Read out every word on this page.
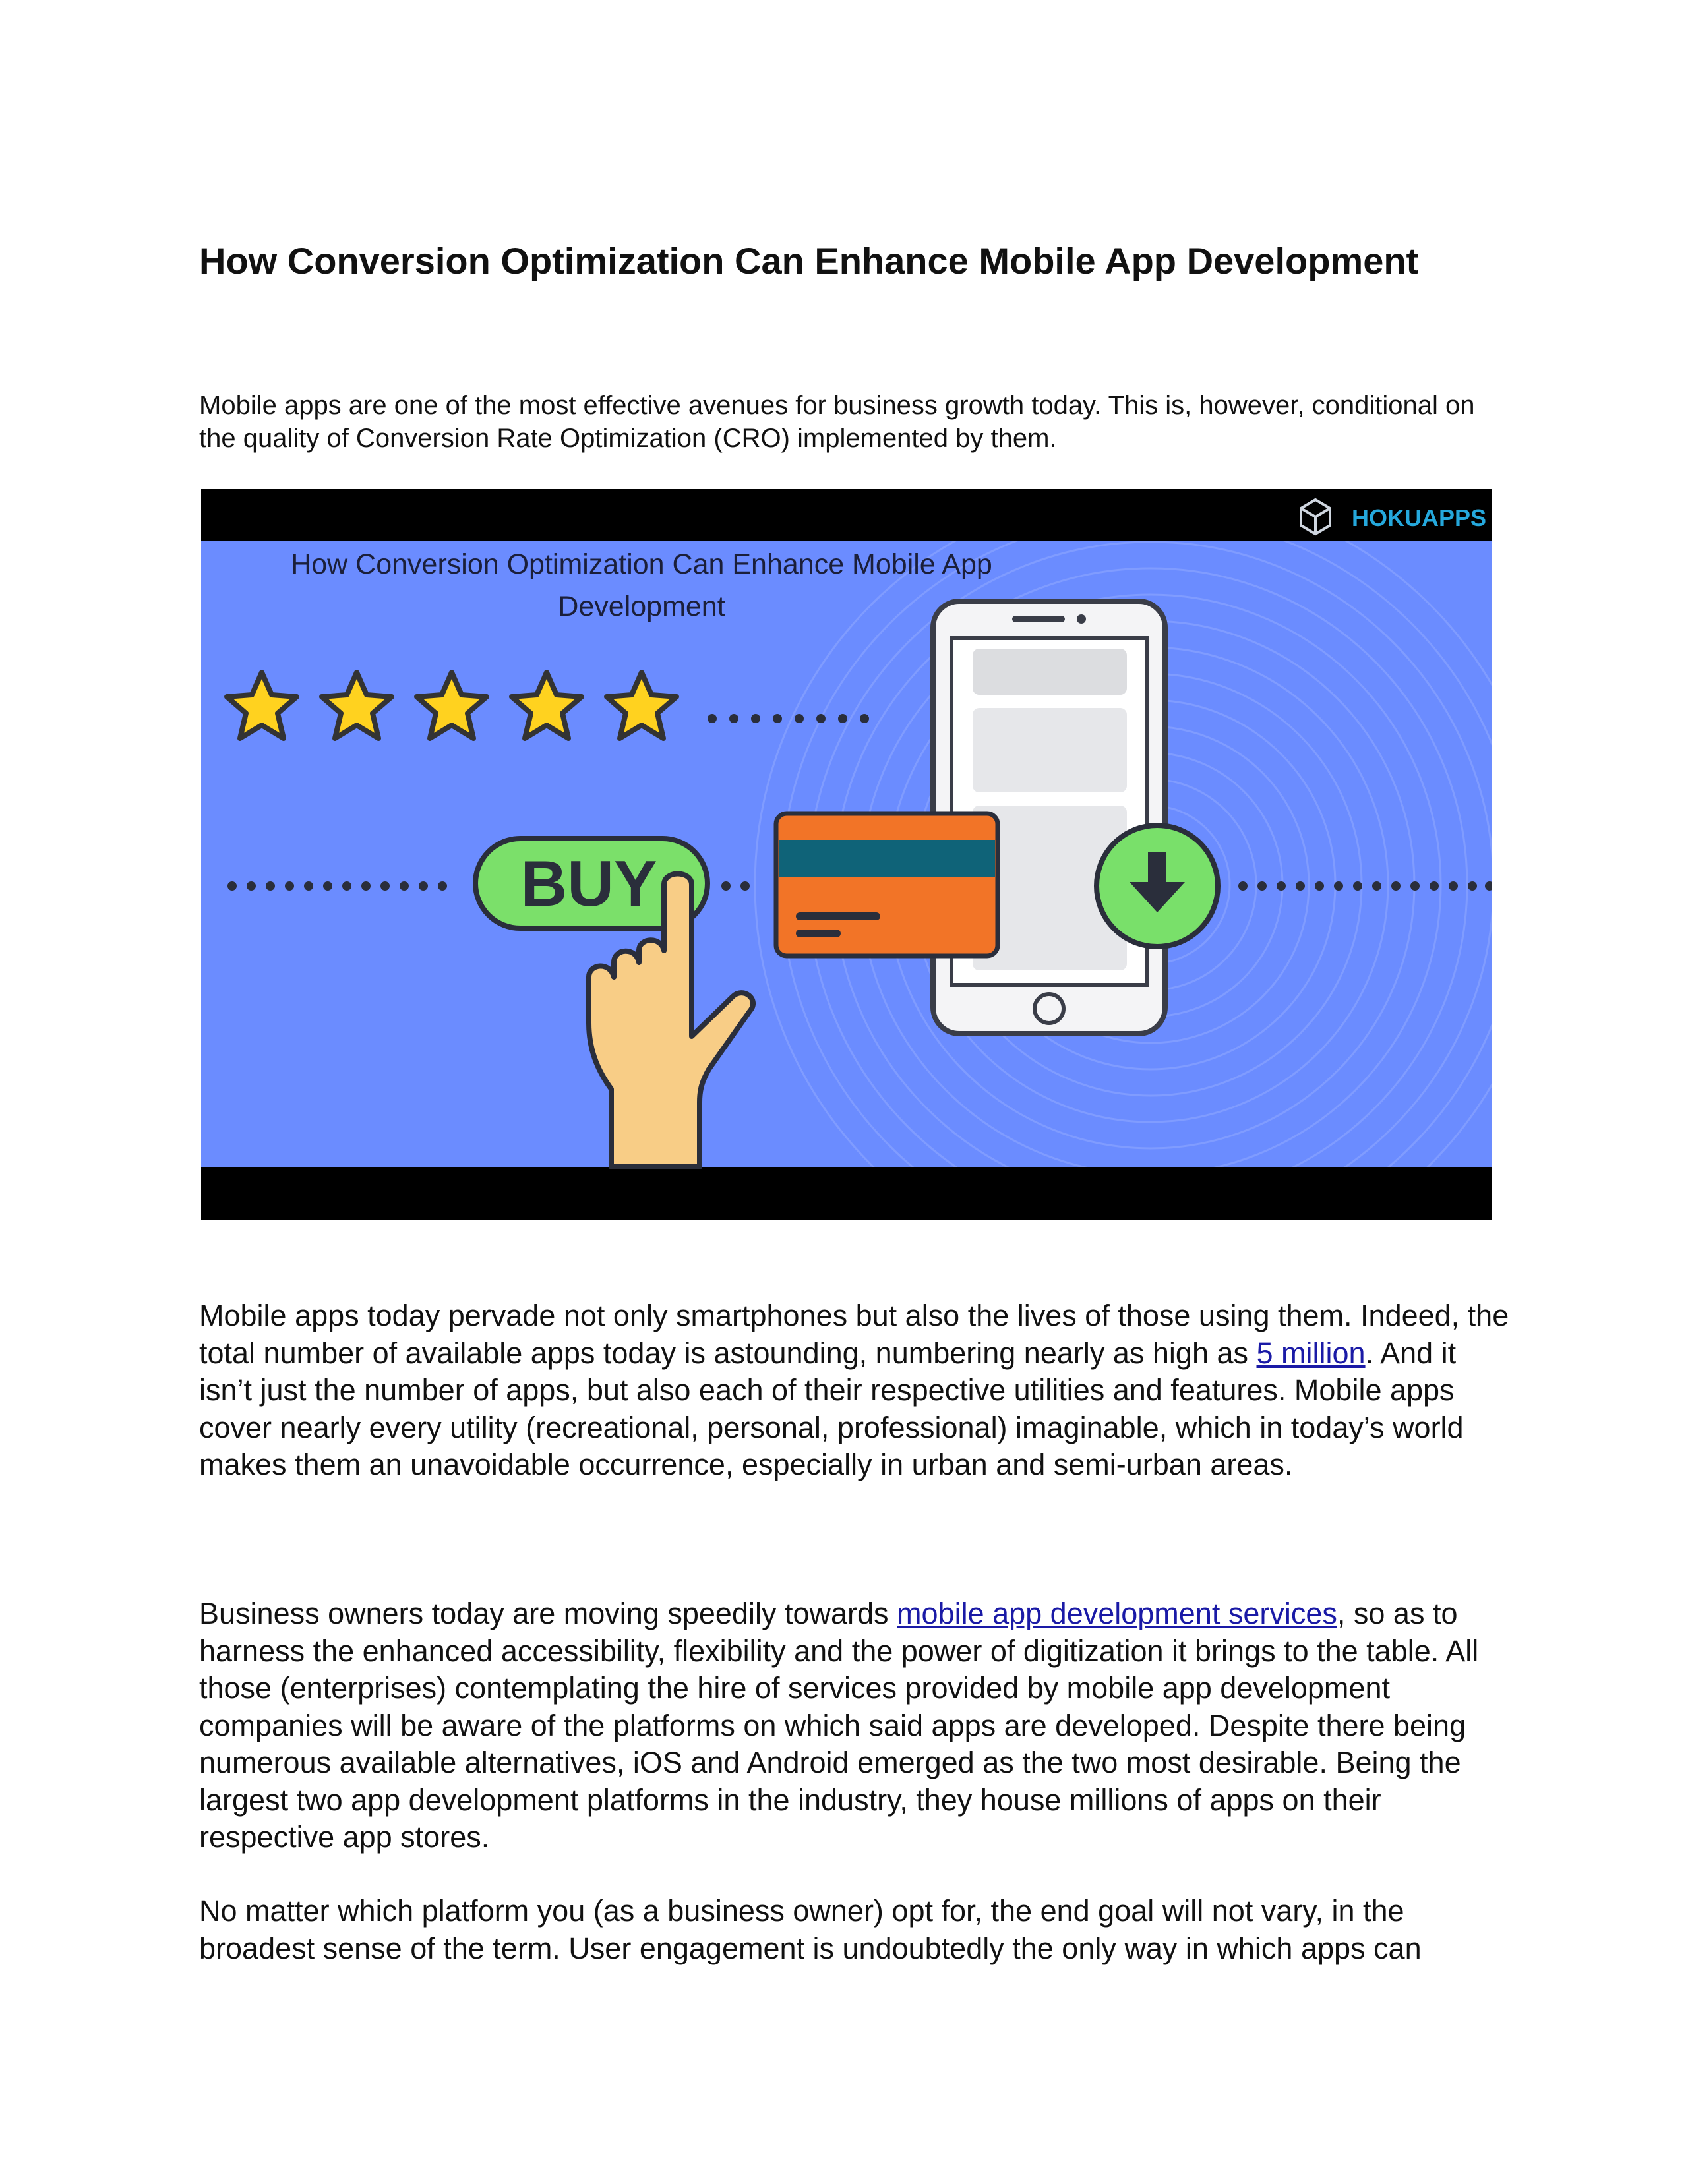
How Conversion Optimization Can Enhance Mobile App Development

Mobile apps are one of the most effective avenues for business growth today. This is, however, conditional on the quality of Conversion Rate Optimization (CRO) implemented by them.

HOKUAPPS
How Conversion Optimization Can Enhance Mobile App
Development
BUY

Mobile apps today pervade not only smartphones but also the lives of those using them. Indeed, the total number of available apps today is astounding, numbering nearly as high as 5 million. And it isn’t just the number of apps, but also each of their respective utilities and features. Mobile apps cover nearly every utility (recreational, personal, professional) imaginable, which in today’s world makes them an unavoidable occurrence, especially in urban and semi-urban areas.

Business owners today are moving speedily towards mobile app development services, so as to harness the enhanced accessibility, flexibility and the power of digitization it brings to the table. All those (enterprises) contemplating the hire of services provided by mobile app development companies will be aware of the platforms on which said apps are developed. Despite there being numerous available alternatives, iOS and Android emerged as the two most desirable. Being the largest two app development platforms in the industry, they house millions of apps on their respective app stores.

No matter which platform you (as a business owner) opt for, the end goal will not vary, in the broadest sense of the term. User engagement is undoubtedly the only way in which apps can
